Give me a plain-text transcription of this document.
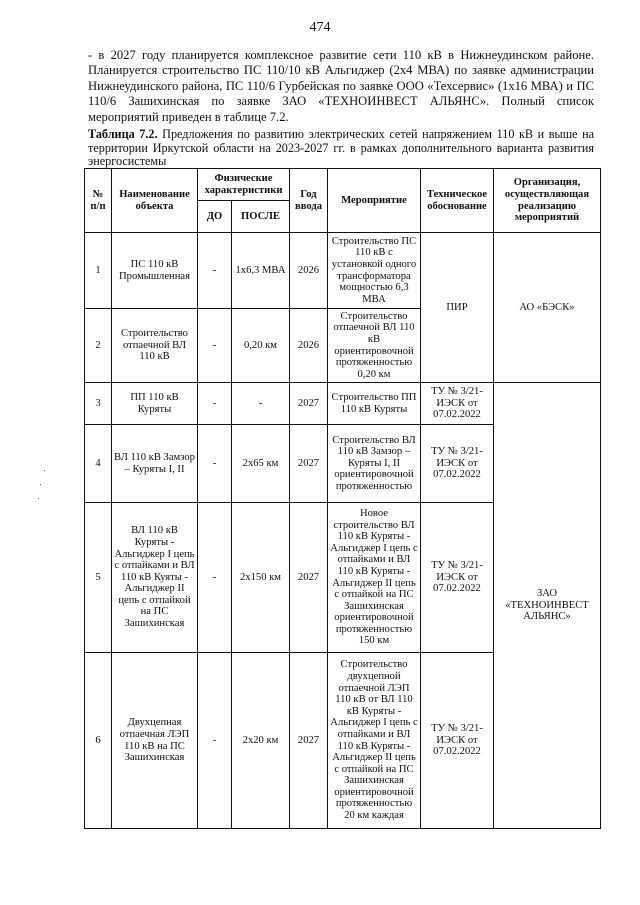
474

- в 2027 году планируется комплексное развитие сети 110 кВ в Нижнеудинском районе. Планируется строительство ПС 110/10 кВ Альгиджер (2х4 МВА) по заявке администрации Нижнеудинского района, ПС 110/6 Гурбейская по заявке ООО «Техсервис» (1х16 МВА) и ПС 110/6 Зашихинская по заявке ЗАО «ТЕХНОИНВЕСТ АЛЬЯНС». Полный список мероприятий приведен в таблице 7.2.

Таблица 7.2. Предложения по развитию электрических сетей напряжением 110 кВ и выше на территории Иркутской области на 2023-2027 гг. в рамках дополнительного варианта развития энергосистемы

№ п/п	Наименование объекта	Физические характеристики		Год ввода	Мероприятие	Техническое обоснование	Организация, осуществляющая реализацию мероприятий
		ДО	ПОСЛЕ				
1	ПС 110 кВ Промышленная	-	1х6,3 МВА	2026	Строительство ПС 110 кВ с установкой одного трансформатора мощностью 6,3 МВА	ПИР	АО «БЭСК»
2	Строительство отпаечной ВЛ 110 кВ	-	0,20 км	2026	Строительство отпаечной ВЛ 110 кВ ориентировочной протяженностью 0,20 км		
3	ПП 110 кВ Куряты	-	-	2027	Строительство ПП 110 кВ Куряты	ТУ № 3/21-ИЭСК от 07.02.2022	ЗАО «ТЕХНОИНВЕСТ АЛЬЯНС»
4	ВЛ 110 кВ Замзор – Куряты I, II	-	2х65 км	2027	Строительство ВЛ 110 кВ Замзор – Куряты I, II ориентировочной протяженностью	ТУ № 3/21-ИЭСК от 07.02.2022	
5	ВЛ 110 кВ Куряты - Альгиджер I цепь с отпайками и ВЛ 110 кВ Куяты - Альгиджер II цепь с отпайкой на ПС Зашихинская	-	2х150 км	2027	Новое строительство ВЛ 110 кВ Куряты - Альгиджер I цепь с отпайками и ВЛ 110 кВ Куряты - Альгиджер II цепь с отпайкой на ПС Зашихинская ориентировочной протяженностью 150 км	ТУ № 3/21-ИЭСК от 07.02.2022	
6	Двухцепная отпаечная ЛЭП 110 кВ на ПС Зашихинская	-	2х20 км	2027	Строительство двухцепной отпаечной ЛЭП 110 кВ от ВЛ 110 кВ Куряты - Альгиджер I цепь с отпайками и ВЛ 110 кВ Куряты - Альгиджер II цепь с отпайкой на ПС Зашихинская ориентировочной протяженностью 20 км каждая	ТУ № 3/21-ИЭСК от 07.02.2022	
